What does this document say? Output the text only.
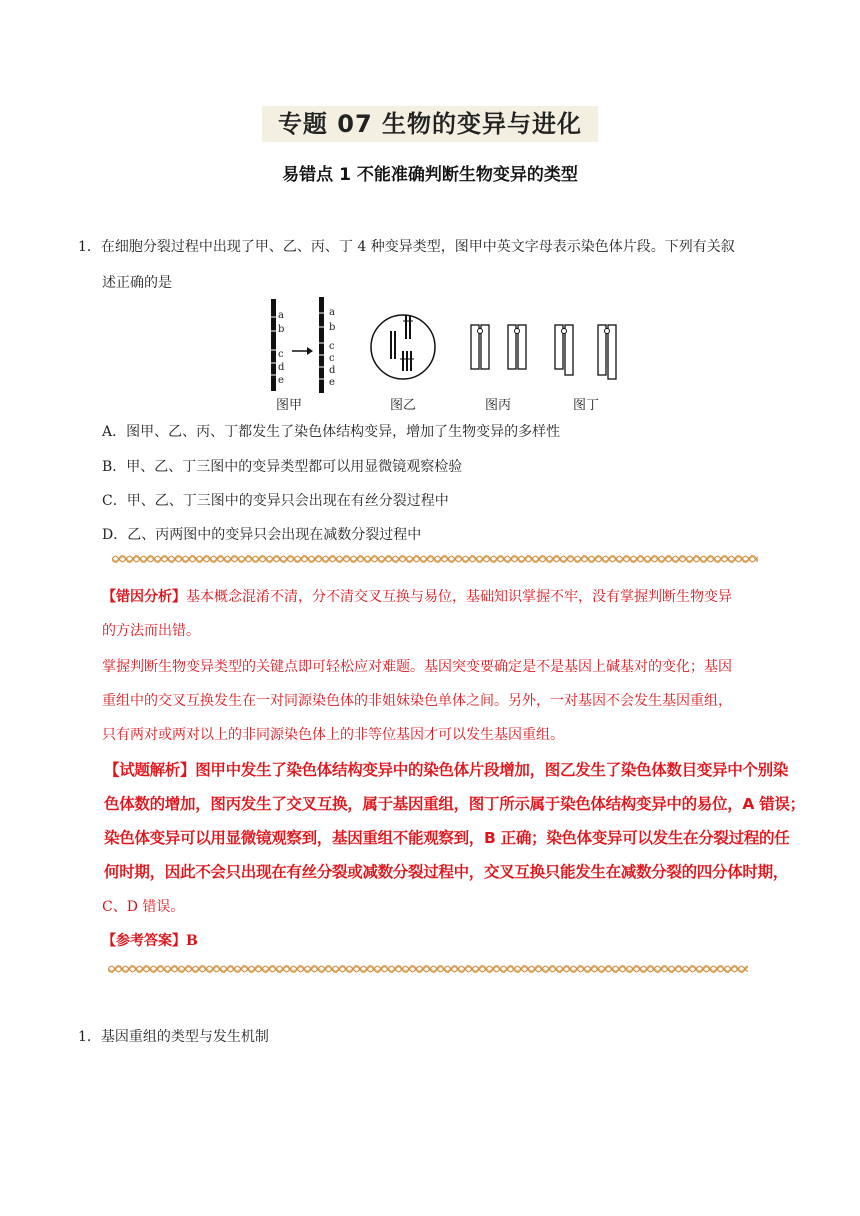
专题 07 生物的变异与进化
易错点 1 不能准确判断生物变异的类型
1．在细胞分裂过程中出现了甲、乙、丙、丁 4 种变异类型，图甲中英文字母表示染色体片段。下列有关叙
述正确的是
a
b
c
d
e
a
b
c
c
d
e
图甲	图乙	图丙	图丁
A．图甲、乙、丙、丁都发生了染色体结构变异，增加了生物变异的多样性
B．甲、乙、丁三图中的变异类型都可以用显微镜观察检验
C．甲、乙、丁三图中的变异只会出现在有丝分裂过程中
D．乙、丙两图中的变异只会出现在减数分裂过程中
【错因分析】基本概念混淆不清，分不清交叉互换与易位，基础知识掌握不牢，没有掌握判断生物变异
的方法而出错。
掌握判断生物变异类型的关键点即可轻松应对难题。基因突变要确定是不是基因上碱基对的变化；基因
重组中的交叉互换发生在一对同源染色体的非姐妹染色单体之间。另外，一对基因不会发生基因重组，
只有两对或两对以上的非同源染色体上的非等位基因才可以发生基因重组。
【试题解析】图甲中发生了染色体结构变异中的染色体片段增加，图乙发生了染色体数目变异中个别染
色体数的增加，图丙发生了交叉互换，属于基因重组，图丁所示属于染色体结构变异中的易位，A 错误；
染色体变异可以用显微镜观察到，基因重组不能观察到，B 正确；染色体变异可以发生在分裂过程的任
何时期，因此不会只出现在有丝分裂或减数分裂过程中，交叉互换只能发生在减数分裂的四分体时期，
C、D 错误。
【参考答案】B
1．基因重组的类型与发生机制
